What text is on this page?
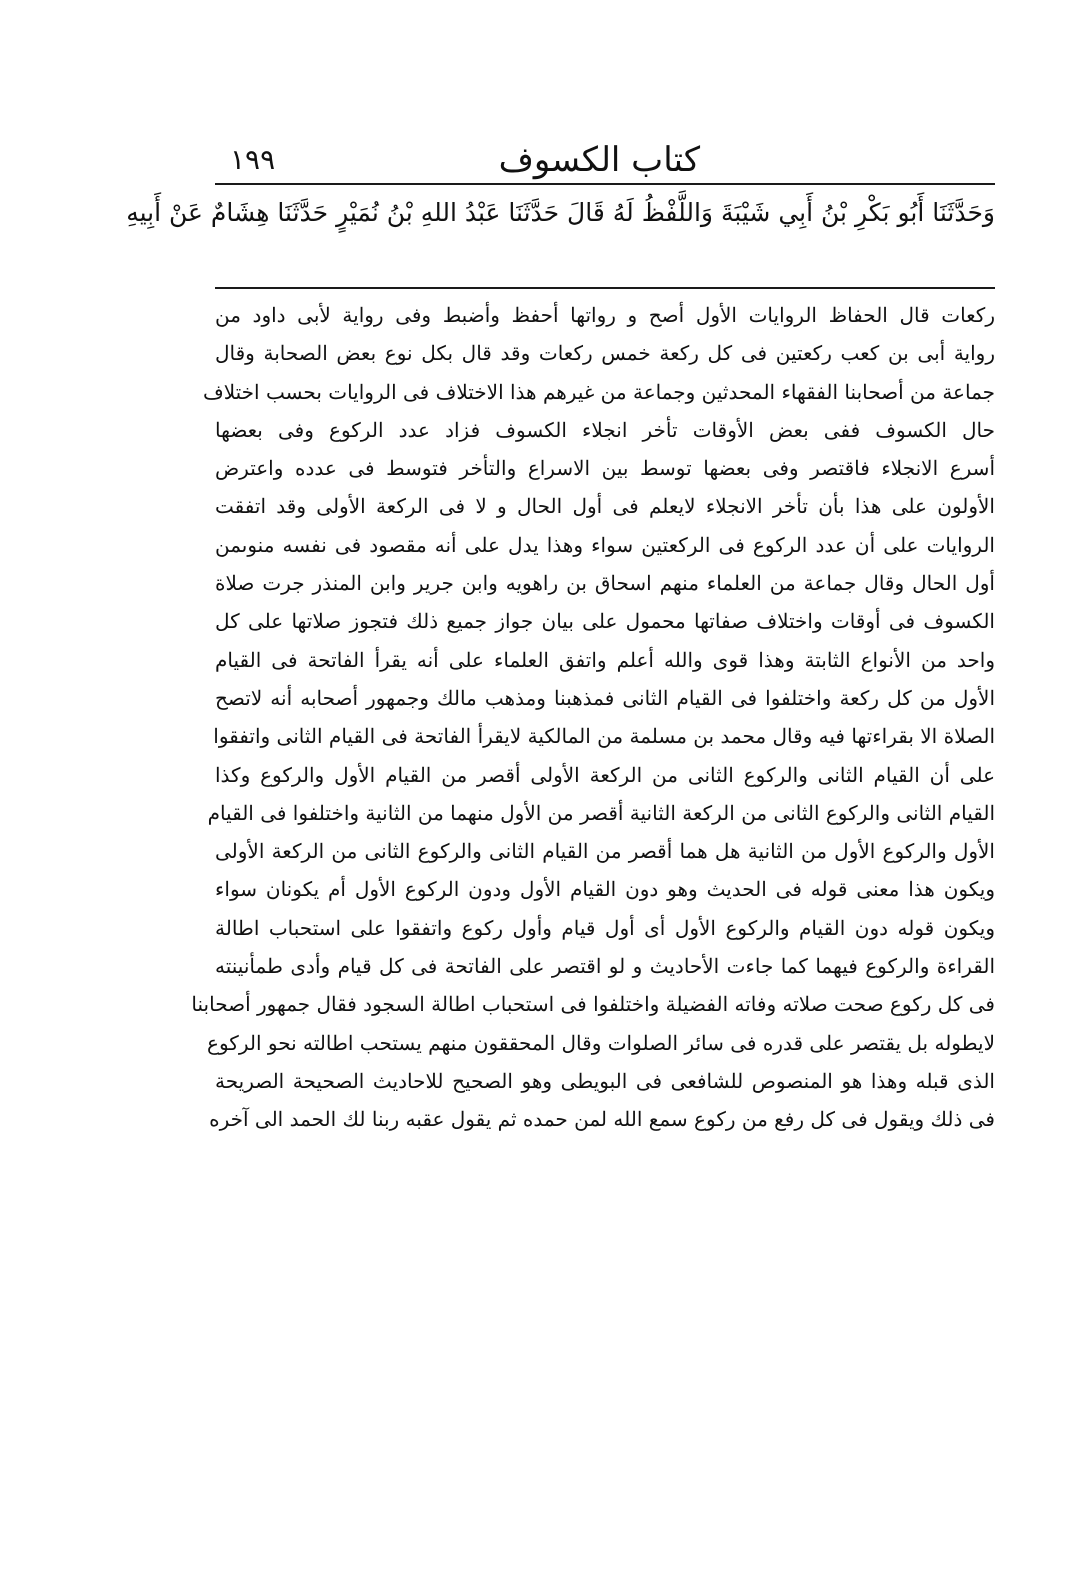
كتاب الكسوف
١٩٩
وَحَدَّثَنَا أَبُو بَكْرِ بْنُ أَبِي شَيْبَةَ وَاللَّفْظُ لَهُ قَالَ حَدَّثَنَا عَبْدُ اللهِ بْنُ نُمَيْرٍ حَدَّثَنَا هِشَامٌ عَنْ أَبِيهِ
ركعات قال الحفاظ الروايات الأول أصح و رواتها أحفظ وأضبط وفى رواية لأبى داود من
رواية أبى بن كعب ركعتين فى كل ركعة خمس ركعات وقد قال بكل نوع بعض الصحابة وقال
جماعة من أصحابنا الفقهاء المحدثين وجماعة من غيرهم هذا الاختلاف فى الروايات بحسب اختلاف
حال الكسوف ففى بعض الأوقات تأخر انجلاء الكسوف فزاد عدد الركوع وفى بعضها
أسرع الانجلاء فاقتصر وفى بعضها توسط بين الاسراع والتأخر فتوسط فى عدده واعترض
الأولون على هذا بأن تأخر الانجلاء لايعلم فى أول الحال و لا فى الركعة الأولى وقد اتفقت
الروايات على أن عدد الركوع فى الركعتين سواء وهذا يدل على أنه مقصود فى نفسه منوىمن
أول الحال وقال جماعة من العلماء منهم اسحاق بن راهويه وابن جرير وابن المنذر جرت صلاة
الكسوف فى أوقات واختلاف صفاتها محمول على بيان جواز جميع ذلك فتجوز صلاتها على كل
واحد من الأنواع الثابتة وهذا قوى والله أعلم واتفق العلماء على أنه يقرأ الفاتحة فى القيام
الأول من كل ركعة واختلفوا فى القيام الثانى فمذهبنا ومذهب مالك وجمهور أصحابه أنه لاتصح
الصلاة الا بقراءتها فيه وقال محمد بن مسلمة من المالكية لايقرأ الفاتحة فى القيام الثانى واتفقوا
على أن القيام الثانى والركوع الثانى من الركعة الأولى أقصر من القيام الأول والركوع وكذا
القيام الثانى والركوع الثانى من الركعة الثانية أقصر من الأول منهما من الثانية واختلفوا فى القيام
الأول والركوع الأول من الثانية هل هما أقصر من القيام الثانى والركوع الثانى من الركعة الأولى
ويكون هذا معنى قوله فى الحديث وهو دون القيام الأول ودون الركوع الأول أم يكونان سواء
ويكون قوله دون القيام والركوع الأول أى أول قيام وأول ركوع واتفقوا على استحباب اطالة
القراءة والركوع فيهما كما جاءت الأحاديث و لو اقتصر على الفاتحة فى كل قيام وأدى طمأنينته
فى كل ركوع صحت صلاته وفاته الفضيلة واختلفوا فى استحباب اطالة السجود فقال جمهور أصحابنا
لايطوله بل يقتصر على قدره فى سائر الصلوات وقال المحققون منهم يستحب اطالته نحو الركوع
الذى قبله وهذا هو المنصوص للشافعى فى البويطى وهو الصحيح للاحاديث الصحيحة الصريحة
فى ذلك ويقول فى كل رفع من ركوع سمع الله لمن حمده ثم يقول عقبه ربنا لك الحمد الى آخره
